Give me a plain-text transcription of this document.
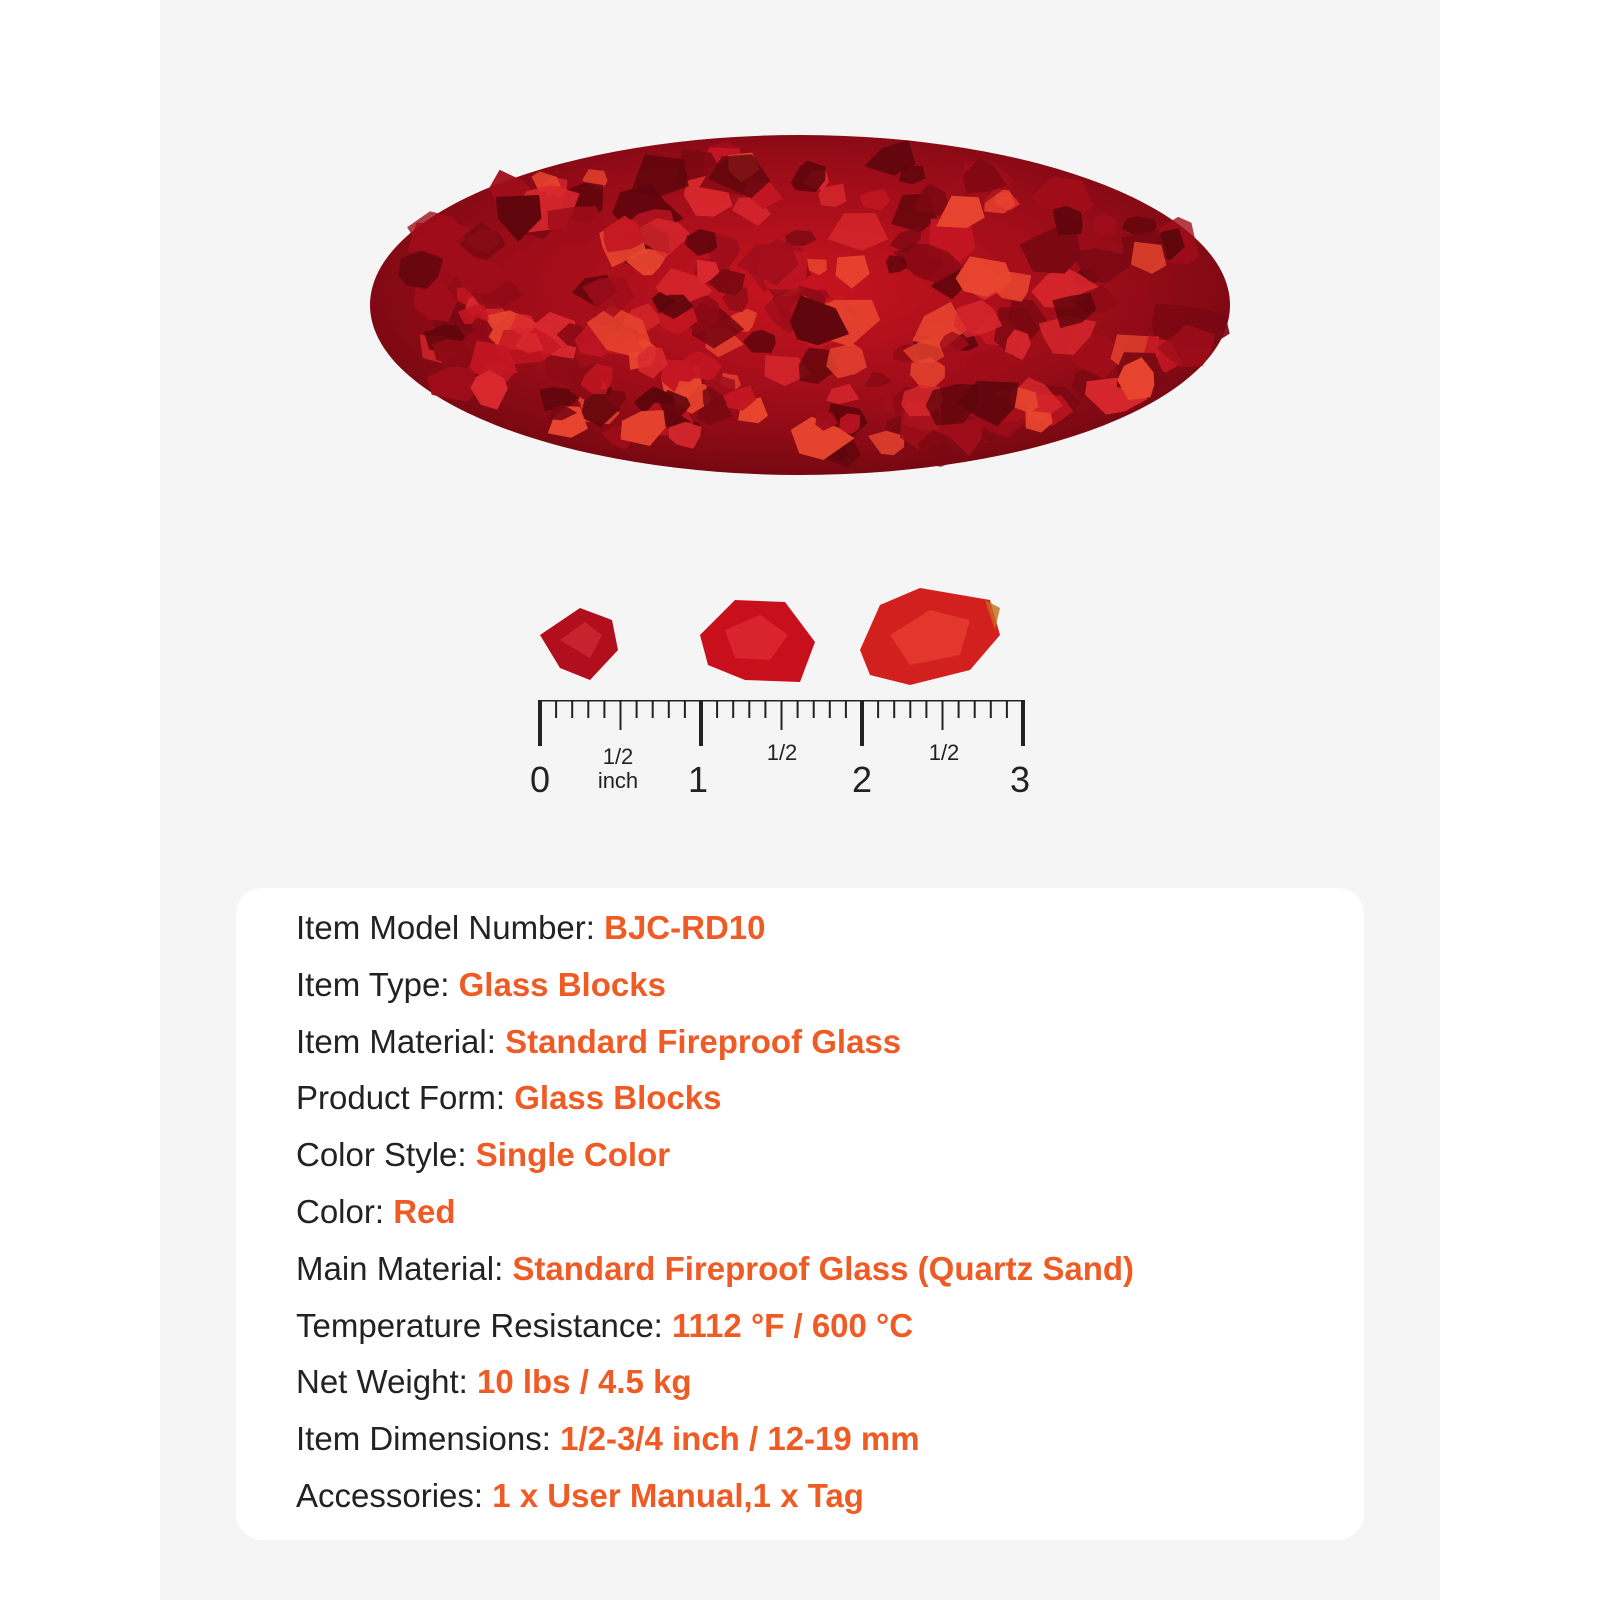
0	1	2	3
1/2
inch
1/2	1/2
Item Model Number: BJC-RD10
Item Type: Glass Blocks
Item Material: Standard Fireproof Glass
Product Form: Glass Blocks
Color Style: Single Color
Color: Red
Main Material: Standard Fireproof Glass (Quartz Sand)
Temperature Resistance: 1112 °F / 600 °C
Net Weight: 10 lbs / 4.5 kg
Item Dimensions: 1/2-3/4 inch / 12-19 mm
Accessories: 1 x User Manual,1 x Tag
